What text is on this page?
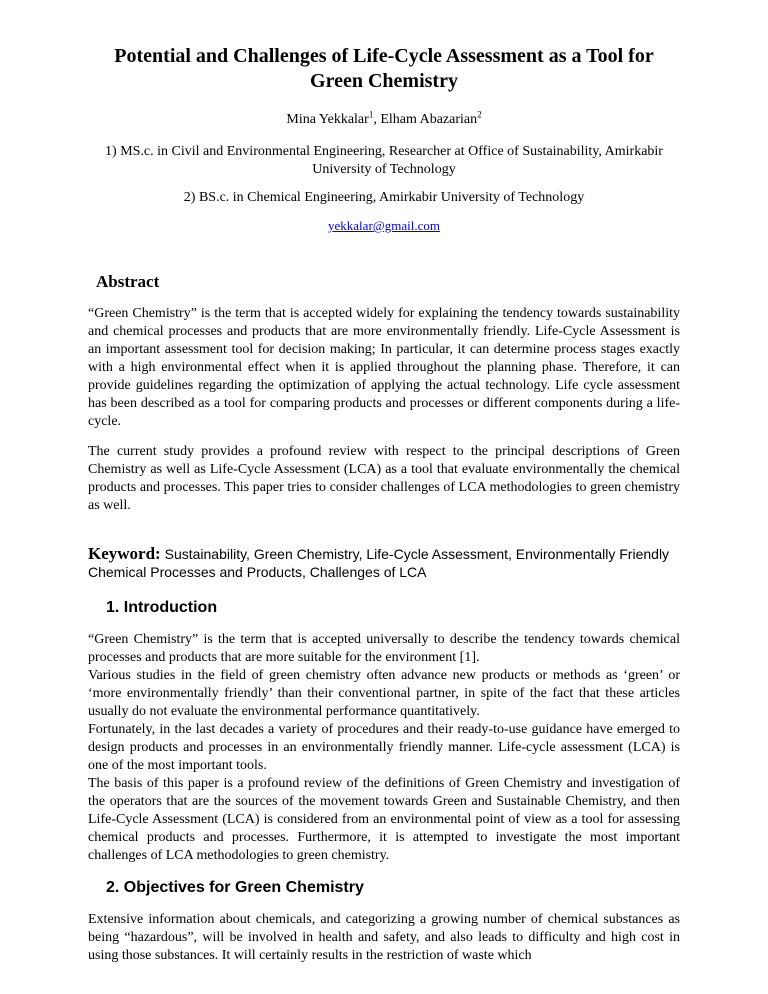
Potential and Challenges of Life-Cycle Assessment as a Tool for Green Chemistry
Mina Yekkalar$^1$, Elham Abazarian$^2$
1) MS.c. in Civil and Environmental Engineering, Researcher at Office of Sustainability, Amirkabir University of Technology
2) BS.c. in Chemical Engineering, Amirkabir University of Technology
yekkalar@gmail.com
Abstract

“Green Chemistry” is the term that is accepted widely for explaining the tendency towards sustainability and chemical processes and products that are more environmentally friendly. Life-Cycle Assessment is an important assessment tool for decision making; In particular, it can determine process stages exactly with a high environmental effect when it is applied throughout the planning phase. Therefore, it can provide guidelines regarding the optimization of applying the actual technology. Life cycle assessment has been described as a tool for comparing products and processes or different components during a life-cycle.

The current study provides a profound review with respect to the principal descriptions of Green Chemistry as well as Life-Cycle Assessment (LCA) as a tool that evaluate environmentally the chemical products and processes. This paper tries to consider challenges of LCA methodologies to green chemistry as well.

Keyword: Sustainability, Green Chemistry, Life-Cycle Assessment, Environmentally Friendly Chemical Processes and Products, Challenges of LCA
1. Introduction

“Green Chemistry” is the term that is accepted universally to describe the tendency towards chemical processes and products that are more suitable for the environment [1].

Various studies in the field of green chemistry often advance new products or methods as ‘green’ or ‘more environmentally friendly’ than their conventional partner, in spite of the fact that these articles usually do not evaluate the environmental performance quantitatively.

Fortunately, in the last decades a variety of procedures and their ready-to-use guidance have emerged to design products and processes in an environmentally friendly manner. Life-cycle assessment (LCA) is one of the most important tools.

The basis of this paper is a profound review of the definitions of Green Chemistry and investigation of the operators that are the sources of the movement towards Green and Sustainable Chemistry, and then Life-Cycle Assessment (LCA) is considered from an environmental point of view as a tool for assessing chemical products and processes. Furthermore, it is attempted to investigate the most important challenges of LCA methodologies to green chemistry.

2. Objectives for Green Chemistry

Extensive information about chemicals, and categorizing a growing number of chemical substances as being “hazardous”, will be involved in health and safety, and also leads to difficulty and high cost in using those substances. It will certainly results in the restriction of waste which
